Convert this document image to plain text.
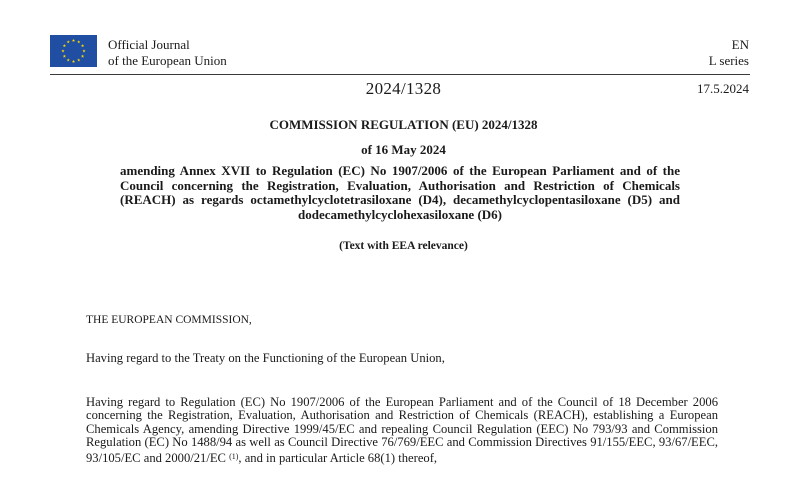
Official Journal
of the European Union
EN
L series
2024/1328	17.5.2024
COMMISSION REGULATION (EU) 2024/1328
of 16 May 2024
amending Annex XVII to Regulation (EC) No 1907/2006 of the European Parliament and of the Council concerning the Registration, Evaluation, Authorisation and Restriction of Chemicals (REACH) as regards octamethylcyclotetrasiloxane (D4), decamethylcyclopentasiloxane (D5) and dodecamethylcyclohexasiloxane (D6)
(Text with EEA relevance)
THE EUROPEAN COMMISSION,
Having regard to the Treaty on the Functioning of the European Union,
Having regard to Regulation (EC) No 1907/2006 of the European Parliament and of the Council of 18 December 2006 concerning the Registration, Evaluation, Authorisation and Restriction of Chemicals (REACH), establishing a European Chemicals Agency, amending Directive 1999/45/EC and repealing Council Regulation (EEC) No 793/93 and Commission Regulation (EC) No 1488/94 as well as Council Directive 76/769/EEC and Commission Directives 91/155/EEC, 93/67/EEC, 93/105/EC and 2000/21/EC $^{(1)}$, and in particular Article 68(1) thereof,
